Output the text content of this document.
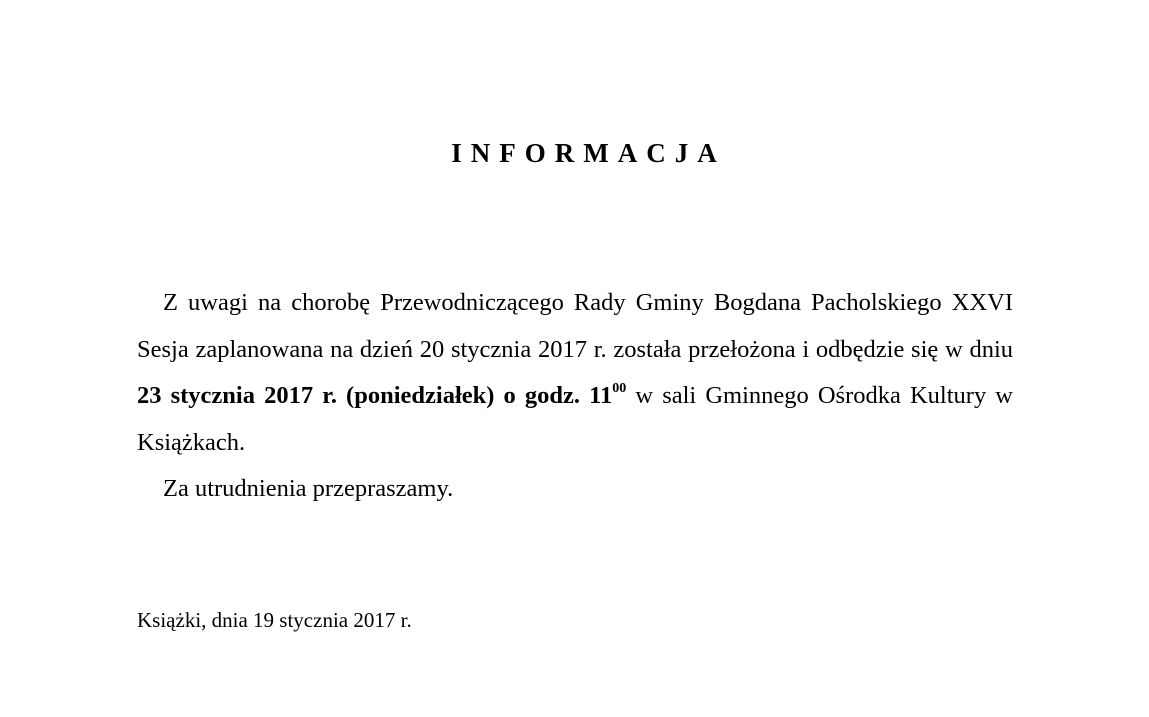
INFORMACJA

Z uwagi na chorobę Przewodniczącego Rady Gminy Bogdana Pacholskiego XXVI Sesja zaplanowana na dzień 20 stycznia 2017 r. została przełożona i odbędzie się w dniu 23 stycznia 2017 r. (poniedziałek) o godz. $11^{00}$ w sali Gminnego Ośrodka Kultury w Książkach.

Za utrudnienia przepraszamy.

Książki, dnia 19 stycznia 2017 r.
